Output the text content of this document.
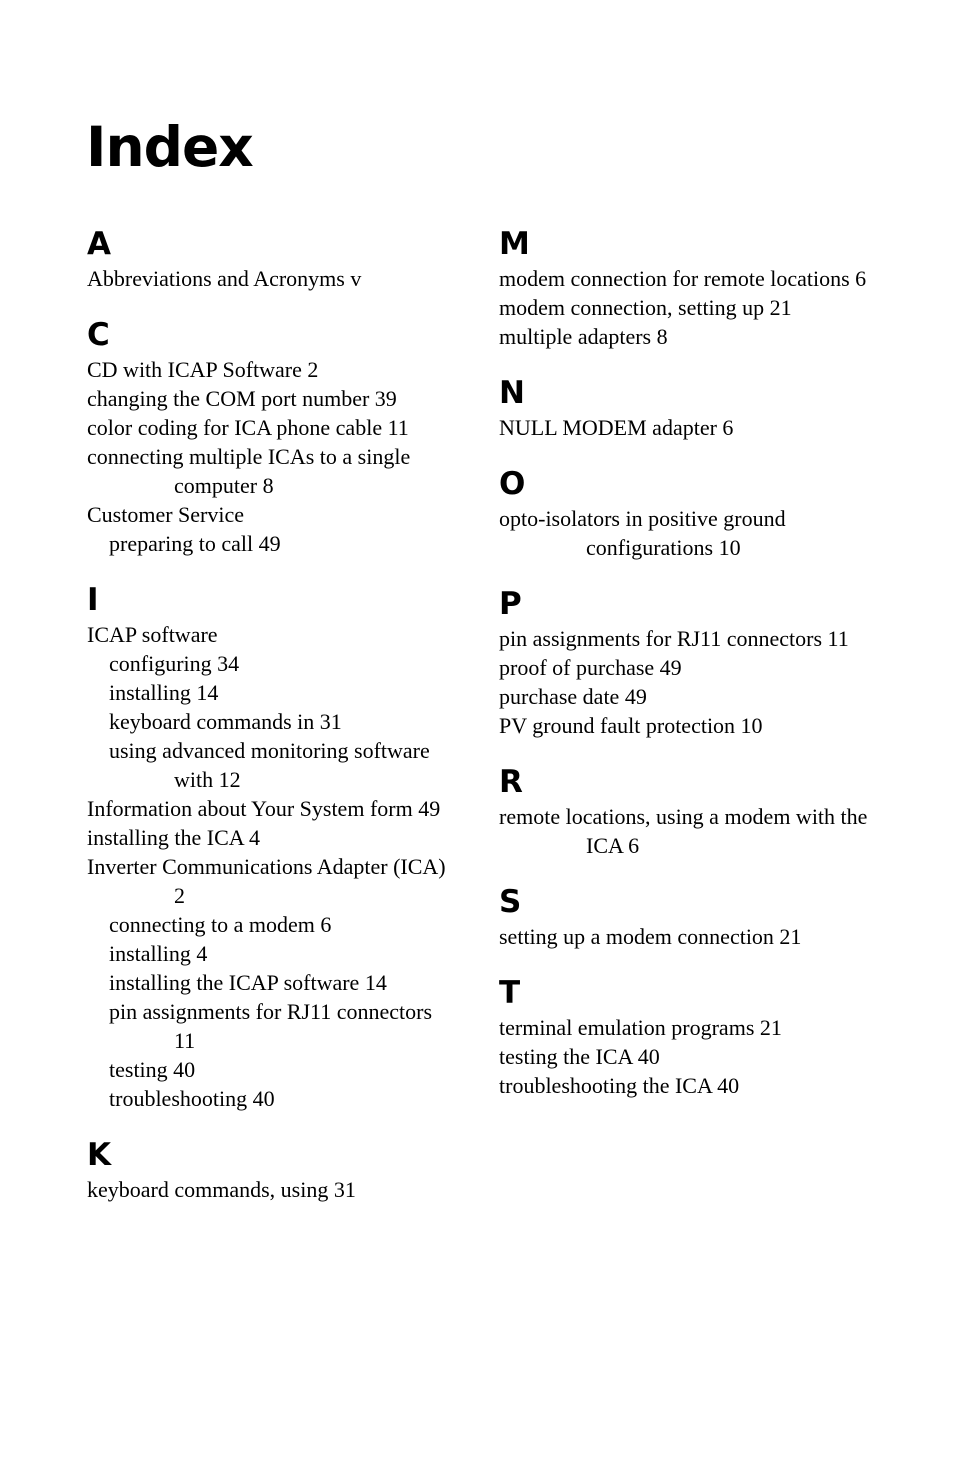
Index
A
Abbreviations and Acronyms v
C
CD with ICAP Software 2
changing the COM port number 39
color coding for ICA phone cable 11
connecting multiple ICAs to a single computer 8
Customer Service
preparing to call 49
I
ICAP software
configuring 34
installing 14
keyboard commands in 31
using advanced monitoring software with 12
Information about Your System form 49
installing the ICA 4
Inverter Communications Adapter (ICA) 2
connecting to a modem 6
installing 4
installing the ICAP software 14
pin assignments for RJ11 connectors 11
testing 40
troubleshooting 40
K
keyboard commands, using 31
M
modem connection for remote locations 6
modem connection, setting up 21
multiple adapters 8
N
NULL MODEM adapter 6
O
opto-isolators in positive ground configurations 10
P
pin assignments for RJ11 connectors 11
proof of purchase 49
purchase date 49
PV ground fault protection 10
R
remote locations, using a modem with the ICA 6
S
setting up a modem connection 21
T
terminal emulation programs 21
testing the ICA 40
troubleshooting the ICA 40
